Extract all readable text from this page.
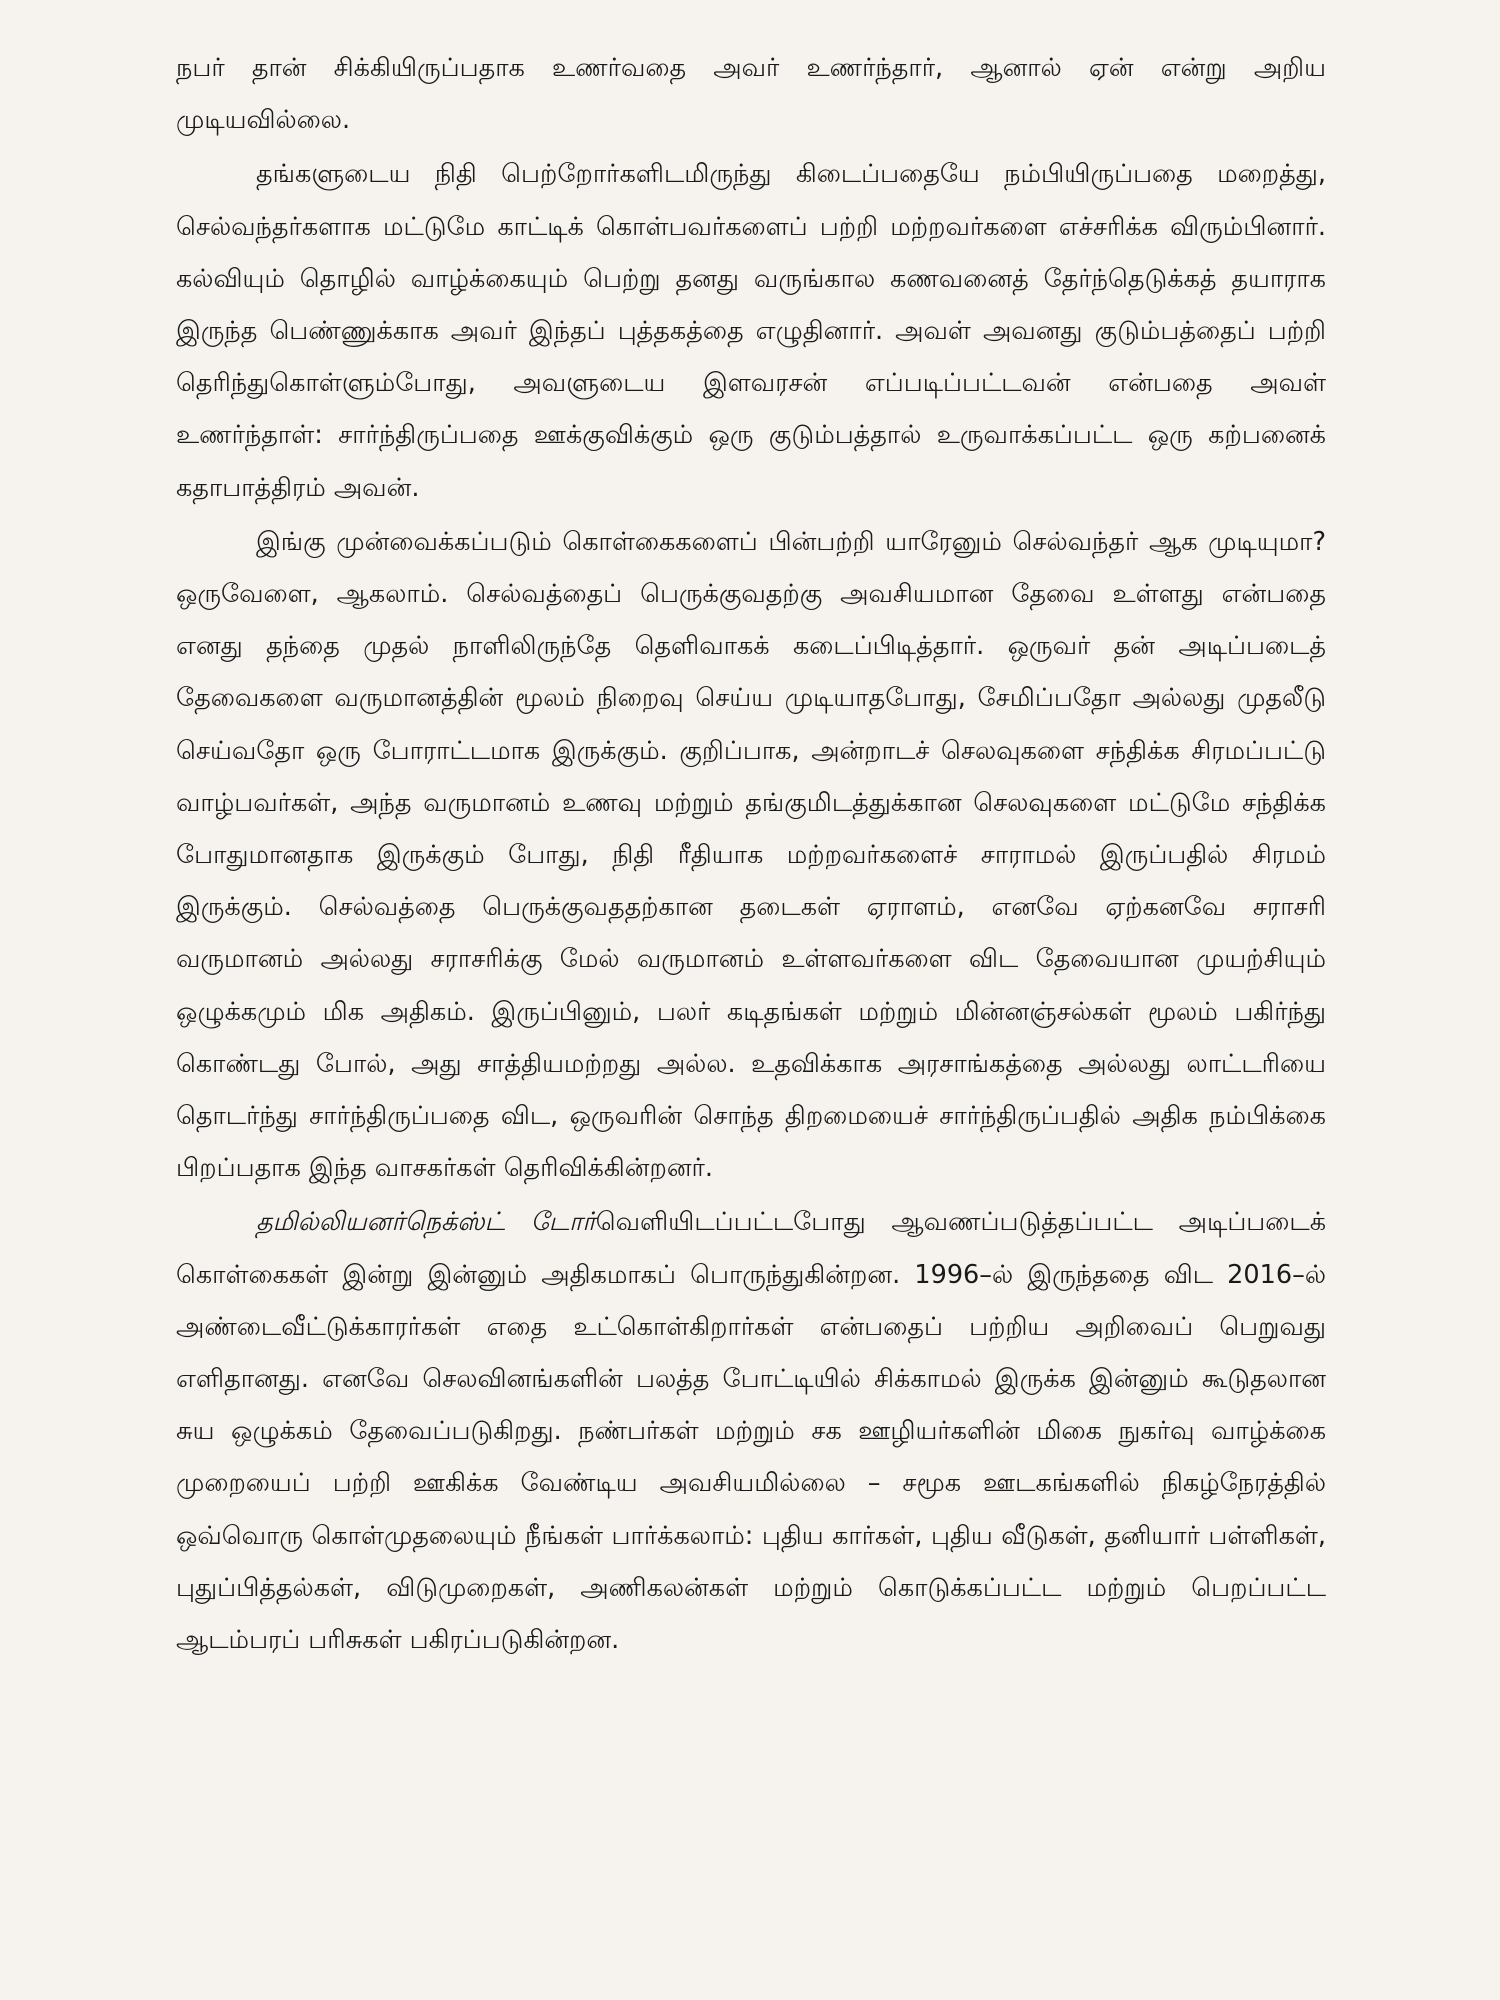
நபர் தான் சிக்கியிருப்பதாக உணர்வதை அவர் உணர்ந்தார், ஆனால் ஏன் என்று அறிய முடியவில்லை.

தங்களுடைய நிதி பெற்றோர்களிடமிருந்து கிடைப்பதையே நம்பியிருப்பதை மறைத்து, செல்வந்தர்களாக மட்டுமே காட்டிக் கொள்பவர்களைப் பற்றி மற்றவர்களை எச்சரிக்க விரும்பினார். கல்வியும் தொழில் வாழ்க்கையும் பெற்று தனது வருங்கால கணவனைத் தேர்ந்தெடுக்கத் தயாராக இருந்த பெண்ணுக்காக அவர் இந்தப் புத்தகத்தை எழுதினார். அவள் அவனது குடும்பத்தைப் பற்றி தெரிந்துகொள்ளும்போது, அவளுடைய இளவரசன் எப்படிப்பட்டவன் என்பதை அவள் உணர்ந்தாள்: சார்ந்திருப்பதை ஊக்குவிக்கும் ஒரு குடும்பத்தால் உருவாக்கப்பட்ட ஒரு கற்பனைக் கதாபாத்திரம் அவன்.

இங்கு முன்வைக்கப்படும் கொள்கைகளைப் பின்பற்றி யாரேனும் செல்வந்தர் ஆக முடியுமா? ஒருவேளை, ஆகலாம். செல்வத்தைப் பெருக்குவதற்கு அவசியமான தேவை உள்ளது என்பதை எனது தந்தை முதல் நாளிலிருந்தே தெளிவாகக் கடைப்பிடித்தார். ஒருவர் தன் அடிப்படைத் தேவைகளை வருமானத்தின் மூலம் நிறைவு செய்ய முடியாதபோது, சேமிப்பதோ அல்லது முதலீடு செய்வதோ ஒரு போராட்டமாக இருக்கும். குறிப்பாக, அன்றாடச் செலவுகளை சந்திக்க சிரமப்பட்டு வாழ்பவர்கள், அந்த வருமானம் உணவு மற்றும் தங்குமிடத்துக்கான செலவுகளை மட்டுமே சந்திக்க போதுமானதாக இருக்கும் போது, நிதி ரீதியாக மற்றவர்களைச் சாராமல் இருப்பதில் சிரமம் இருக்கும். செல்வத்தை பெருக்குவததற்கான தடைகள் ஏராளம், எனவே ஏற்கனவே சராசரி வருமானம் அல்லது சராசரிக்கு மேல் வருமானம் உள்ளவர்களை விட தேவையான முயற்சியும் ஒழுக்கமும் மிக அதிகம். இருப்பினும், பலர் கடிதங்கள் மற்றும் மின்னஞ்சல்கள் மூலம் பகிர்ந்து கொண்டது போல், அது சாத்தியமற்றது அல்ல. உதவிக்காக அரசாங்கத்தை அல்லது லாட்டரியை தொடர்ந்து சார்ந்திருப்பதை விட, ஒருவரின் சொந்த திறமையைச் சார்ந்திருப்பதில் அதிக நம்பிக்கை பிறப்பதாக இந்த வாசகர்கள் தெரிவிக்கின்றனர்.

தமில்லியனர்நெக்ஸ்ட் டோர்வெளியிடப்பட்டபோது ஆவணப்படுத்தப்பட்ட அடிப்படைக் கொள்கைகள் இன்று இன்னும் அதிகமாகப் பொருந்துகின்றன. 1996–ல் இருந்ததை விட 2016–ல் அண்டைவீட்டுக்காரர்கள் எதை உட்கொள்கிறார்கள் என்பதைப் பற்றிய அறிவைப் பெறுவது எளிதானது. எனவே செலவினங்களின் பலத்த போட்டியில் சிக்காமல் இருக்க இன்னும் கூடுதலான சுய ஒழுக்கம் தேவைப்படுகிறது. நண்பர்கள் மற்றும் சக ஊழியர்களின் மிகை நுகர்வு வாழ்க்கை முறையைப் பற்றி ஊகிக்க வேண்டிய அவசியமில்லை – சமூக ஊடகங்களில் நிகழ்நேரத்தில் ஒவ்வொரு கொள்முதலையும் நீங்கள் பார்க்கலாம்: புதிய கார்கள், புதிய வீடுகள், தனியார் பள்ளிகள், புதுப்பித்தல்கள், விடுமுறைகள், அணிகலன்கள் மற்றும் கொடுக்கப்பட்ட மற்றும் பெறப்பட்ட ஆடம்பரப் பரிசுகள் பகிரப்படுகின்றன.
